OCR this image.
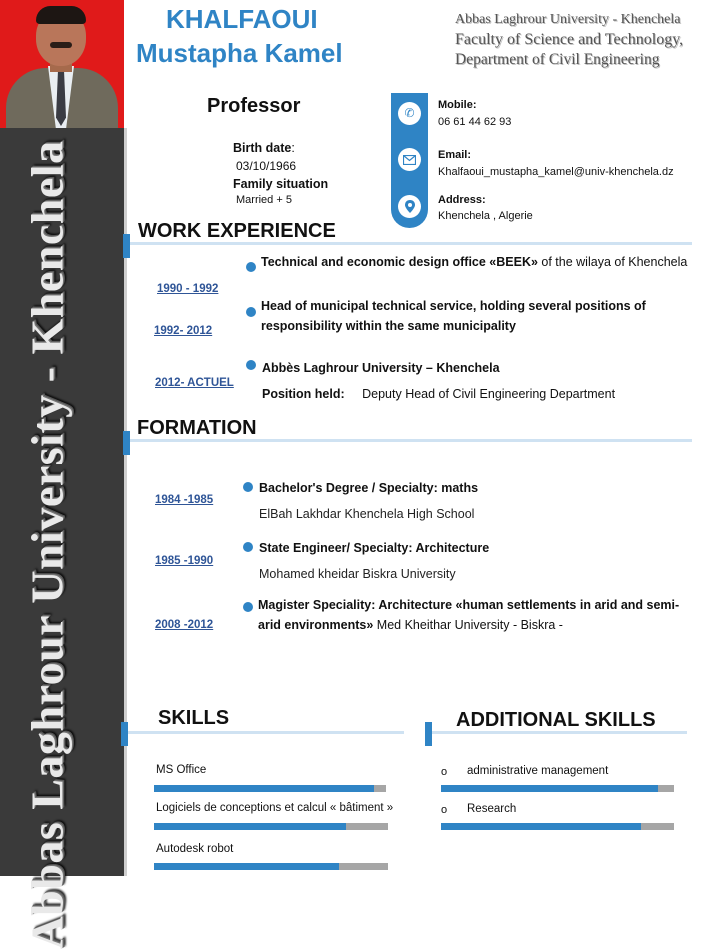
Abbas Laghrour University - Khenchela
KHALFAOUI
Mustapha Kamel
Abbas Laghrour University - Khenchela
Faculty of Science and Technology,
Department of Civil Engineering
Professor
Birth date:
03/10/1966
Family situation
Married + 5
✆
Mobile:
06 61 44 62 93
Email:
Khalfaoui_mustapha_kamel@univ-khenchela.dz
Address:
Khenchela , Algerie
WORK EXPERIENCE
1990 - 1992
Technical and economic design office «BEEK» of the wilaya of Khenchela
1992- 2012
Head of municipal technical service, holding several positions of responsibility within the same municipality
2012- ACTUEL
Abbès Laghrour University – Khenchela
Position held: Deputy Head of Civil Engineering Department
FORMATION
1984 -1985
Bachelor's Degree / Specialty: maths
ElBah Lakhdar Khenchela High School
1985 -1990
State Engineer/ Specialty: Architecture
Mohamed kheidar Biskra University
2008 -2012
Magister Speciality: Architecture «human settlements in arid and semi-arid environments» Med Kheithar University - Biskra -
SKILLS
MS Office
Logiciels de conceptions et calcul « bâtiment »
Autodesk robot
ADDITIONAL SKILLS
o administrative management
o Research
